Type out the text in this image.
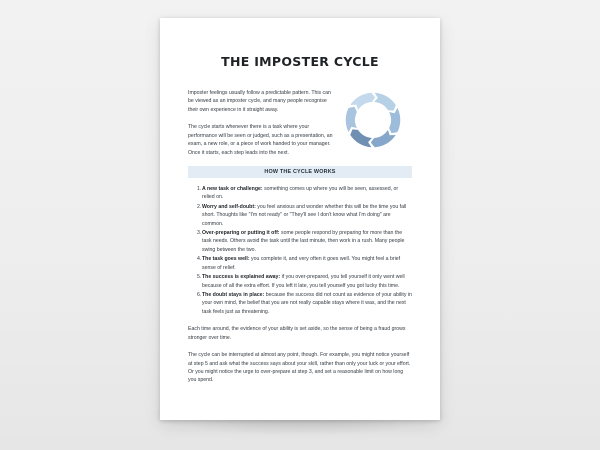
THE IMPOSTER CYCLE

Imposter feelings usually follow a predictable pattern. This can be viewed as an imposter cycle, and many people recognise their own experience in it straight away.

The cycle starts whenever there is a task where your performance will be seen or judged, such as a presentation, an exam, a new role, or a piece of work handed to your manager. Once it starts, each step leads into the next.

HOW THE CYCLE WORKS
1. A new task or challenge: something comes up where you will be seen, assessed, or relied on.
2. Worry and self-doubt: you feel anxious and wonder whether this will be the time you fall short. Thoughts like "I'm not ready" or "They'll see I don't know what I'm doing" are common.
3. Over-preparing or putting it off: some people respond by preparing for more than the task needs. Others avoid the task until the last minute, then work in a rush. Many people swing between the two.
4. The task goes well: you complete it, and very often it goes well. You might feel a brief sense of relief.
5. The success is explained away: if you over-prepared, you tell yourself it only went well because of all the extra effort. If you left it late, you tell yourself you got lucky this time.
6. The doubt stays in place: because the success did not count as evidence of your ability in your own mind, the belief that you are not really capable stays where it was, and the next task feels just as threatening.

Each time around, the evidence of your ability is set aside, so the sense of being a fraud grows stronger over time.

The cycle can be interrupted at almost any point, though. For example, you might notice yourself at step 5 and ask what the success says about your skill, rather than only your luck or your effort. Or you might notice the urge to over-prepare at step 3, and set a reasonable limit on how long you spend.
